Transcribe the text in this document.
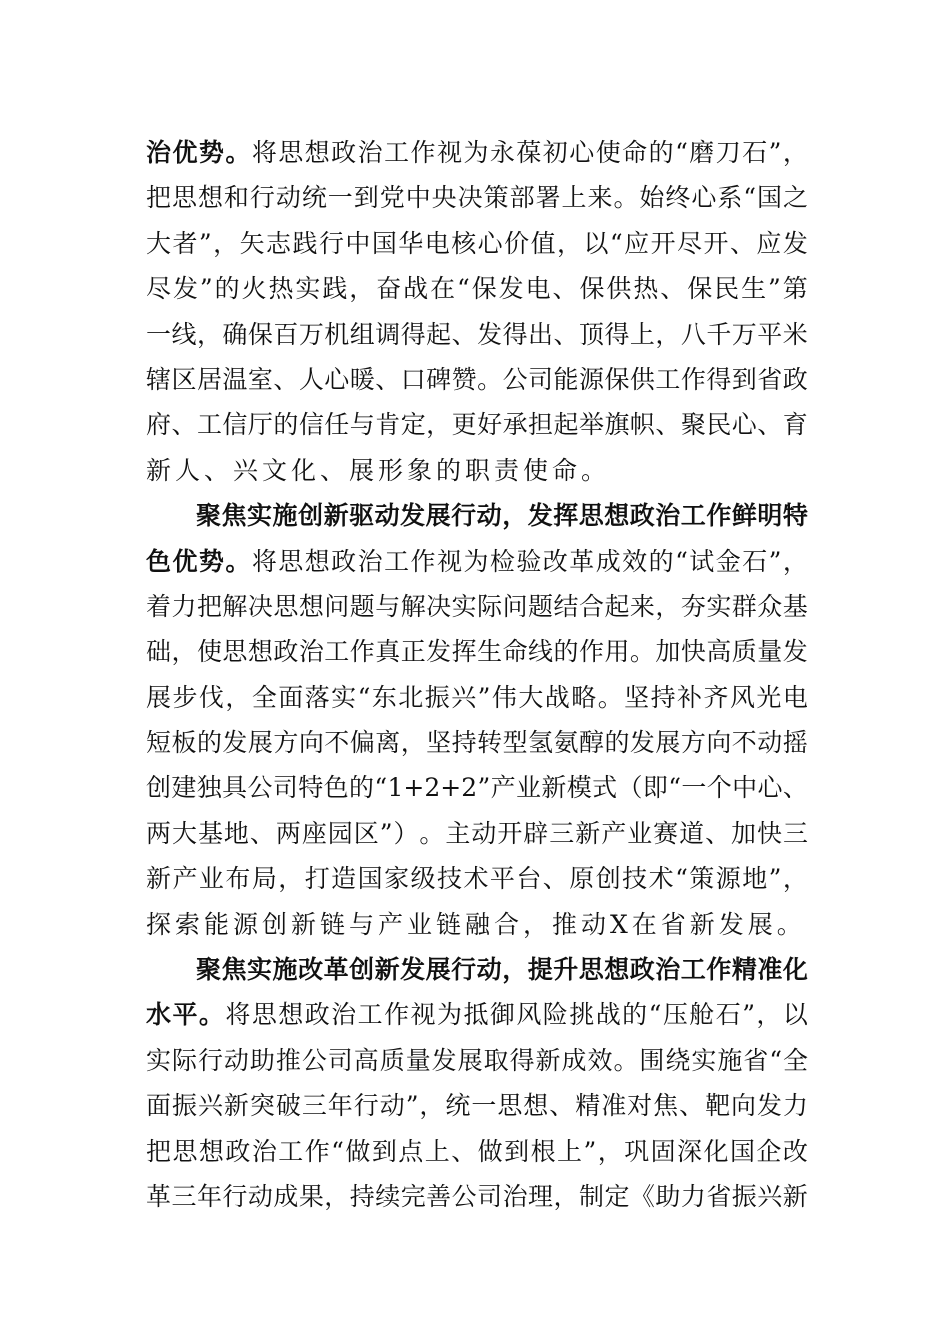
治 优 势 。 将 思 想 政 治 工 作 视 为 永 葆 初 心 使 命 的 “ 磨 刀 石 ” ，
把 思 想 和 行 动 统 一 到 党 中 央 决 策 部 署 上 来 。 始 终 心 系 “ 国 之
大 者 ” ， 矢 志 践 行 中 国 华 电 核 心 价 值 ， 以 “ 应 开 尽 开 、 应 发
尽 发 ” 的 火 热 实 践 ， 奋 战 在 “ 保 发 电 、 保 供 热 、 保 民 生 ” 第
一 线 ， 确 保 百 万 机 组 调 得 起 、 发 得 出 、 顶 得 上 ， 八 千 万 平 米
辖 区 居 温 室 、 人 心 暖 、 口 碑 赞 。 公 司 能 源 保 供 工 作 得 到 省 政
府 、 工 信 厅 的 信 任 与 肯 定 ， 更 好 承 担 起 举 旗 帜 、 聚 民 心 、 育
新人、兴文化、展形象的职责使命。
聚 焦 实 施 创 新 驱 动 发 展 行 动 ， 发 挥 思 想 政 治 工 作 鲜 明 特
色 优 势 。 将 思 想 政 治 工 作 视 为 检 验 改 革 成 效 的 “ 试 金 石 ” ，
着 力 把 解 决 思 想 问 题 与 解 决 实 际 问 题 结 合 起 来 ， 夯 实 群 众 基
础 ， 使 思 想 政 治 工 作 真 正 发 挥 生 命 线 的 作 用 。 加 快 高 质 量 发
展 步 伐 ， 全 面 落 实 “ 东 北 振 兴 ” 伟 大 战 略 。 坚 持 补 齐 风 光 电
短 板 的 发 展 方 向 不 偏 离 ， 坚 持 转 型 氢 氨 醇 的 发 展 方 向 不 动 摇
创 建 独 具 公 司 特 色 的 “ 1+2+2 ” 产 业 新 模 式 （ 即 “ 一 个 中 心 、
两 大 基 地 、 两 座 园 区 ” ） 。 主 动 开 辟 三 新 产 业 赛 道 、 加 快 三
新 产 业 布 局 ， 打 造 国 家 级 技 术 平 台 、 原 创 技 术 “ 策 源 地 ” ，
探索能源创新链与产业链融合，推动X在省新发展。
聚 焦 实 施 改 革 创 新 发 展 行 动 ， 提 升 思 想 政 治 工 作 精 准 化
水 平 。 将 思 想 政 治 工 作 视 为 抵 御 风 险 挑 战 的 “ 压 舱 石 ” ， 以
实 际 行 动 助 推 公 司 高 质 量 发 展 取 得 新 成 效 。 围 绕 实 施 省 “ 全
面 振 兴 新 突 破 三 年 行 动 ” ， 统 一 思 想 、 精 准 对 焦 、 靶 向 发 力
把 思 想 政 治 工 作 “ 做 到 点 上 、 做 到 根 上 ” ， 巩 固 深 化 国 企 改
革 三 年 行 动 成 果 ， 持 续 完 善 公 司 治 理 ， 制 定 《 助 力 省 振 兴 新
